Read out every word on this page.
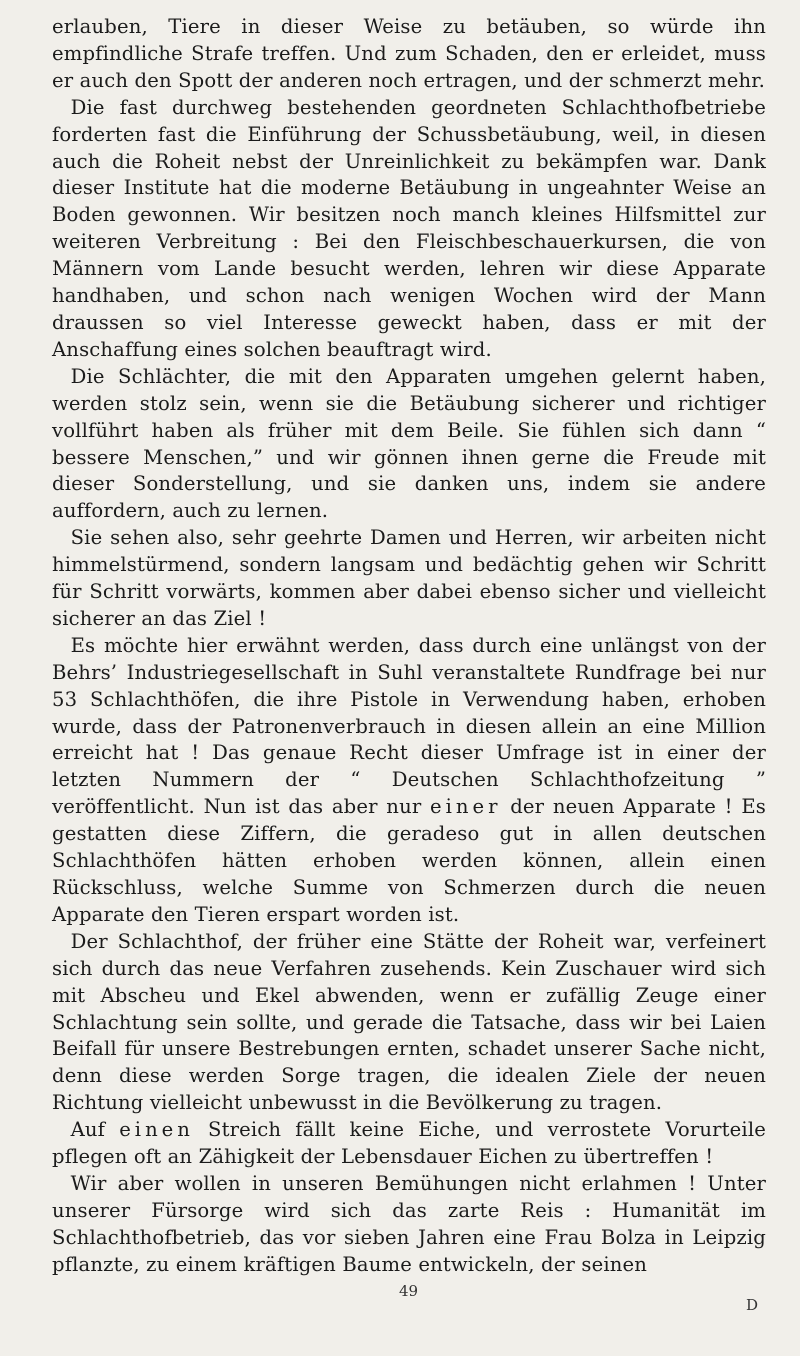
erlauben, Tiere in dieser Weise zu betäuben, so würde ihn empfindliche Strafe treffen. Und zum Schaden, den er erleidet, muss er auch den Spott der anderen noch ertragen, und der schmerzt mehr.

Die fast durchweg bestehenden geordneten Schlachthofbetriebe forderten fast die Einführung der Schussbetäubung, weil, in diesen auch die Roheit nebst der Unreinlichkeit zu bekämpfen war. Dank dieser Institute hat die moderne Betäubung in ungeahnter Weise an Boden gewonnen. Wir besitzen noch manch kleines Hilfsmittel zur weiteren Verbreitung : Bei den Fleischbeschauerkursen, die von Männern vom Lande besucht werden, lehren wir diese Apparate handhaben, und schon nach wenigen Wochen wird der Mann draussen so viel Interesse geweckt haben, dass er mit der Anschaffung eines solchen beauftragt wird.

Die Schlächter, die mit den Apparaten umgehen gelernt haben, werden stolz sein, wenn sie die Betäubung sicherer und richtiger vollführt haben als früher mit dem Beile. Sie fühlen sich dann “ bessere Menschen,” und wir gönnen ihnen gerne die Freude mit dieser Sonderstellung, und sie danken uns, indem sie andere auffordern, auch zu lernen.

Sie sehen also, sehr geehrte Damen und Herren, wir arbeiten nicht himmelstürmend, sondern langsam und bedächtig gehen wir Schritt für Schritt vorwärts, kommen aber dabei ebenso sicher und vielleicht sicherer an das Ziel !

Es möchte hier erwähnt werden, dass durch eine unlängst von der Behrs’ Industriegesellschaft in Suhl veranstaltete Rundfrage bei nur 53 Schlachthöfen, die ihre Pistole in Verwendung haben, erhoben wurde, dass der Patronenverbrauch in diesen allein an eine Million erreicht hat ! Das genaue Recht dieser Umfrage ist in einer der letzten Nummern der “ Deutschen Schlachthofzeitung ” veröffentlicht. Nun ist das aber nur einer der neuen Apparate ! Es gestatten diese Ziffern, die geradeso gut in allen deutschen Schlachthöfen hätten erhoben werden können, allein einen Rückschluss, welche Summe von Schmerzen durch die neuen Apparate den Tieren erspart worden ist.

Der Schlachthof, der früher eine Stätte der Roheit war, verfeinert sich durch das neue Verfahren zusehends. Kein Zuschauer wird sich mit Abscheu und Ekel abwenden, wenn er zufällig Zeuge einer Schlachtung sein sollte, und gerade die Tatsache, dass wir bei Laien Beifall für unsere Bestrebungen ernten, schadet unserer Sache nicht, denn diese werden Sorge tragen, die idealen Ziele der neuen Richtung vielleicht unbewusst in die Bevölkerung zu tragen.

Auf einen Streich fällt keine Eiche, und verrostete Vorurteile pflegen oft an Zähigkeit der Lebensdauer Eichen zu übertreffen !

Wir aber wollen in unseren Bemühungen nicht erlahmen ! Unter unserer Fürsorge wird sich das zarte Reis : Humanität im Schlachthofbetrieb, das vor sieben Jahren eine Frau Bolza in Leipzig pflanzte, zu einem kräftigen Baume entwickeln, der seinen

49
D
